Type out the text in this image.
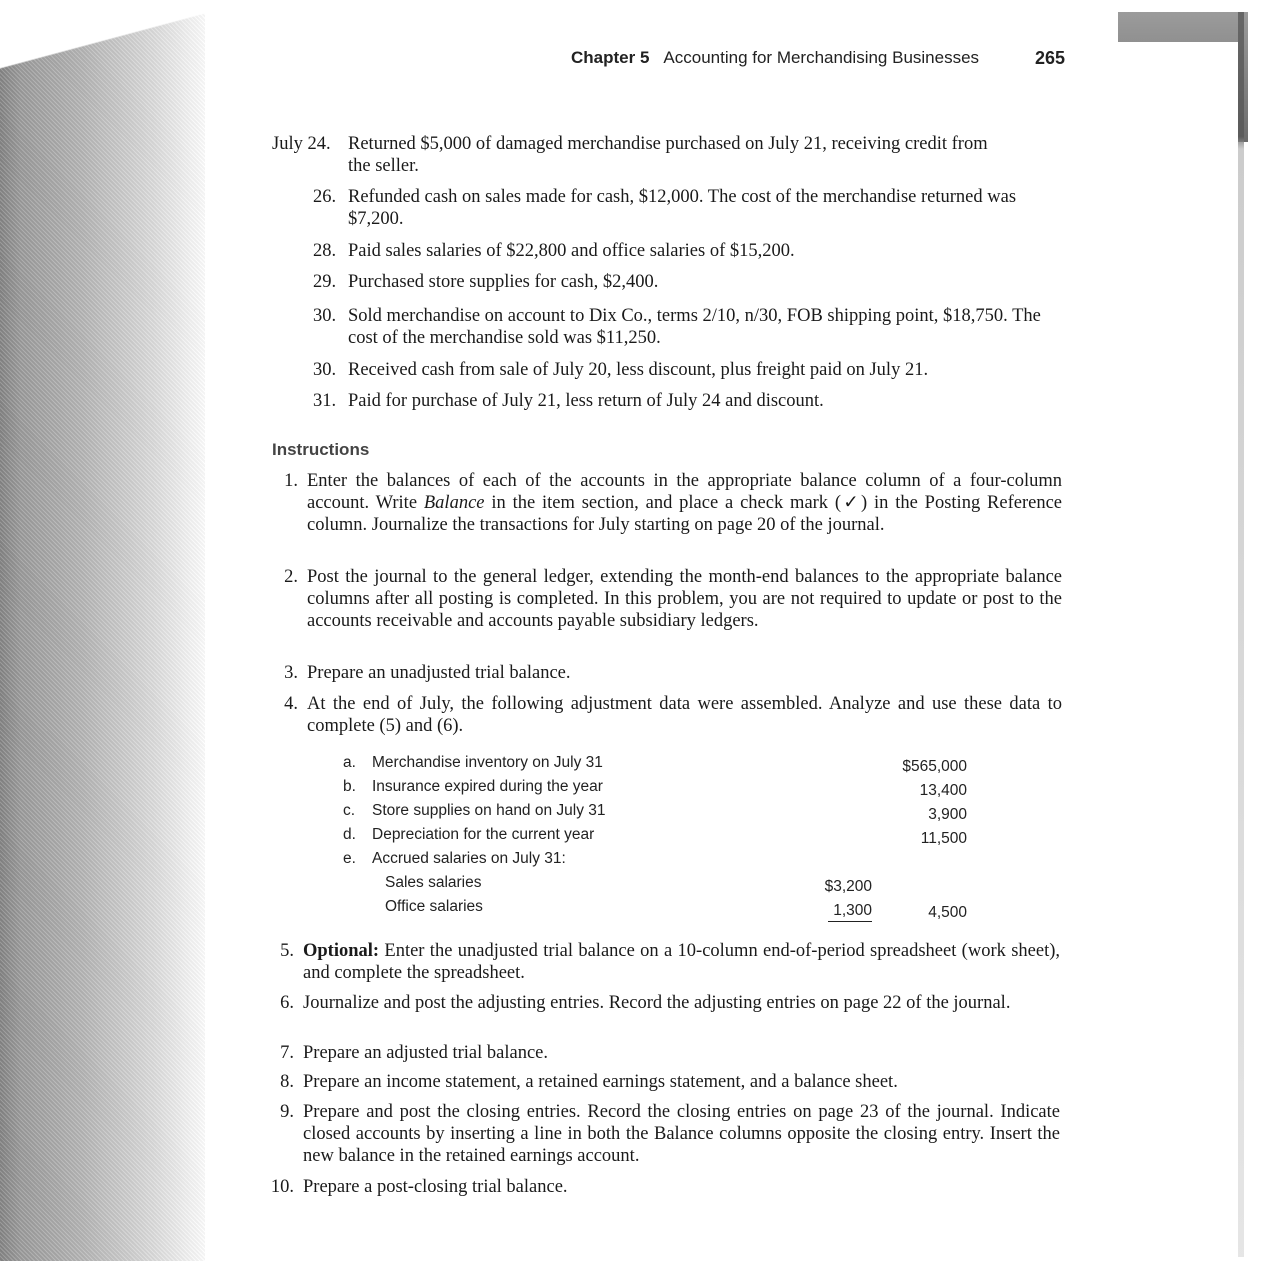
Chapter 5 Accounting for Merchandising Businesses	265
July 24. Returned $5,000 of damaged merchandise purchased on July 21, receiving credit from the seller.
26. Refunded cash on sales made for cash, $12,000. The cost of the merchandise returned was $7,200.
28. Paid sales salaries of $22,800 and office salaries of $15,200.
29. Purchased store supplies for cash, $2,400.
30. Sold merchandise on account to Dix Co., terms 2/10, n/30, FOB shipping point, $18,750. The cost of the merchandise sold was $11,250.
30. Received cash from sale of July 20, less discount, plus freight paid on July 21.
31. Paid for purchase of July 21, less return of July 24 and discount.
Instructions
1. Enter the balances of each of the accounts in the appropriate balance column of a four-column account. Write Balance in the item section, and place a check mark (✓) in the Posting Reference column. Journalize the transactions for July starting on page 20 of the journal.
2. Post the journal to the general ledger, extending the month-end balances to the appropriate balance columns after all posting is completed. In this problem, you are not required to update or post to the accounts receivable and accounts payable subsidiary ledgers.
3. Prepare an unadjusted trial balance.
4. At the end of July, the following adjustment data were assembled. Analyze and use these data to complete (5) and (6).
a. Merchandise inventory on July 31	$565,000
b. Insurance expired during the year	13,400
c. Store supplies on hand on July 31	3,900
d. Depreciation for the current year	11,500
e. Accrued salaries on July 31:
Sales salaries	$3,200
Office salaries	1,300	4,500
5. Optional: Enter the unadjusted trial balance on a 10-column end-of-period spreadsheet (work sheet), and complete the spreadsheet.
6. Journalize and post the adjusting entries. Record the adjusting entries on page 22 of the journal.
7. Prepare an adjusted trial balance.
8. Prepare an income statement, a retained earnings statement, and a balance sheet.
9. Prepare and post the closing entries. Record the closing entries on page 23 of the journal. Indicate closed accounts by inserting a line in both the Balance columns opposite the closing entry. Insert the new balance in the retained earnings account.
10. Prepare a post-closing trial balance.
